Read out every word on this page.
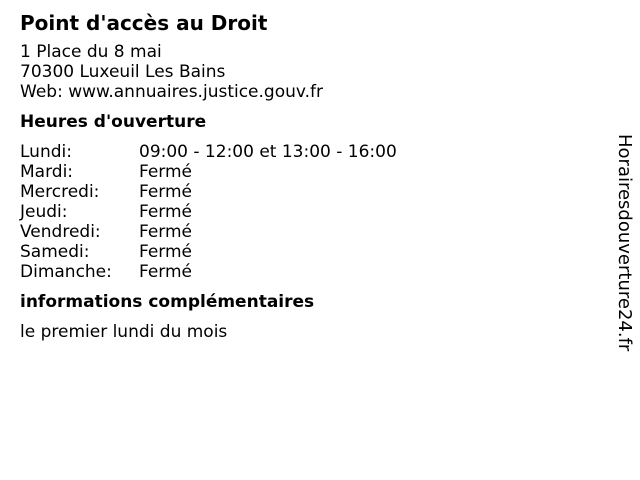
Point d'accès au Droit
1 Place du 8 mai
70300 Luxeuil Les Bains
Web: www.annuaires.justice.gouv.fr
Heures d'ouverture
Lundi:	09:00 - 12:00 et 13:00 - 16:00
Mardi:	Fermé
Mercredi:	Fermé
Jeudi:	Fermé
Vendredi:	Fermé
Samedi:	Fermé
Dimanche:	Fermé
informations complémentaires
le premier lundi du mois	Horairesdouverture24.fr
